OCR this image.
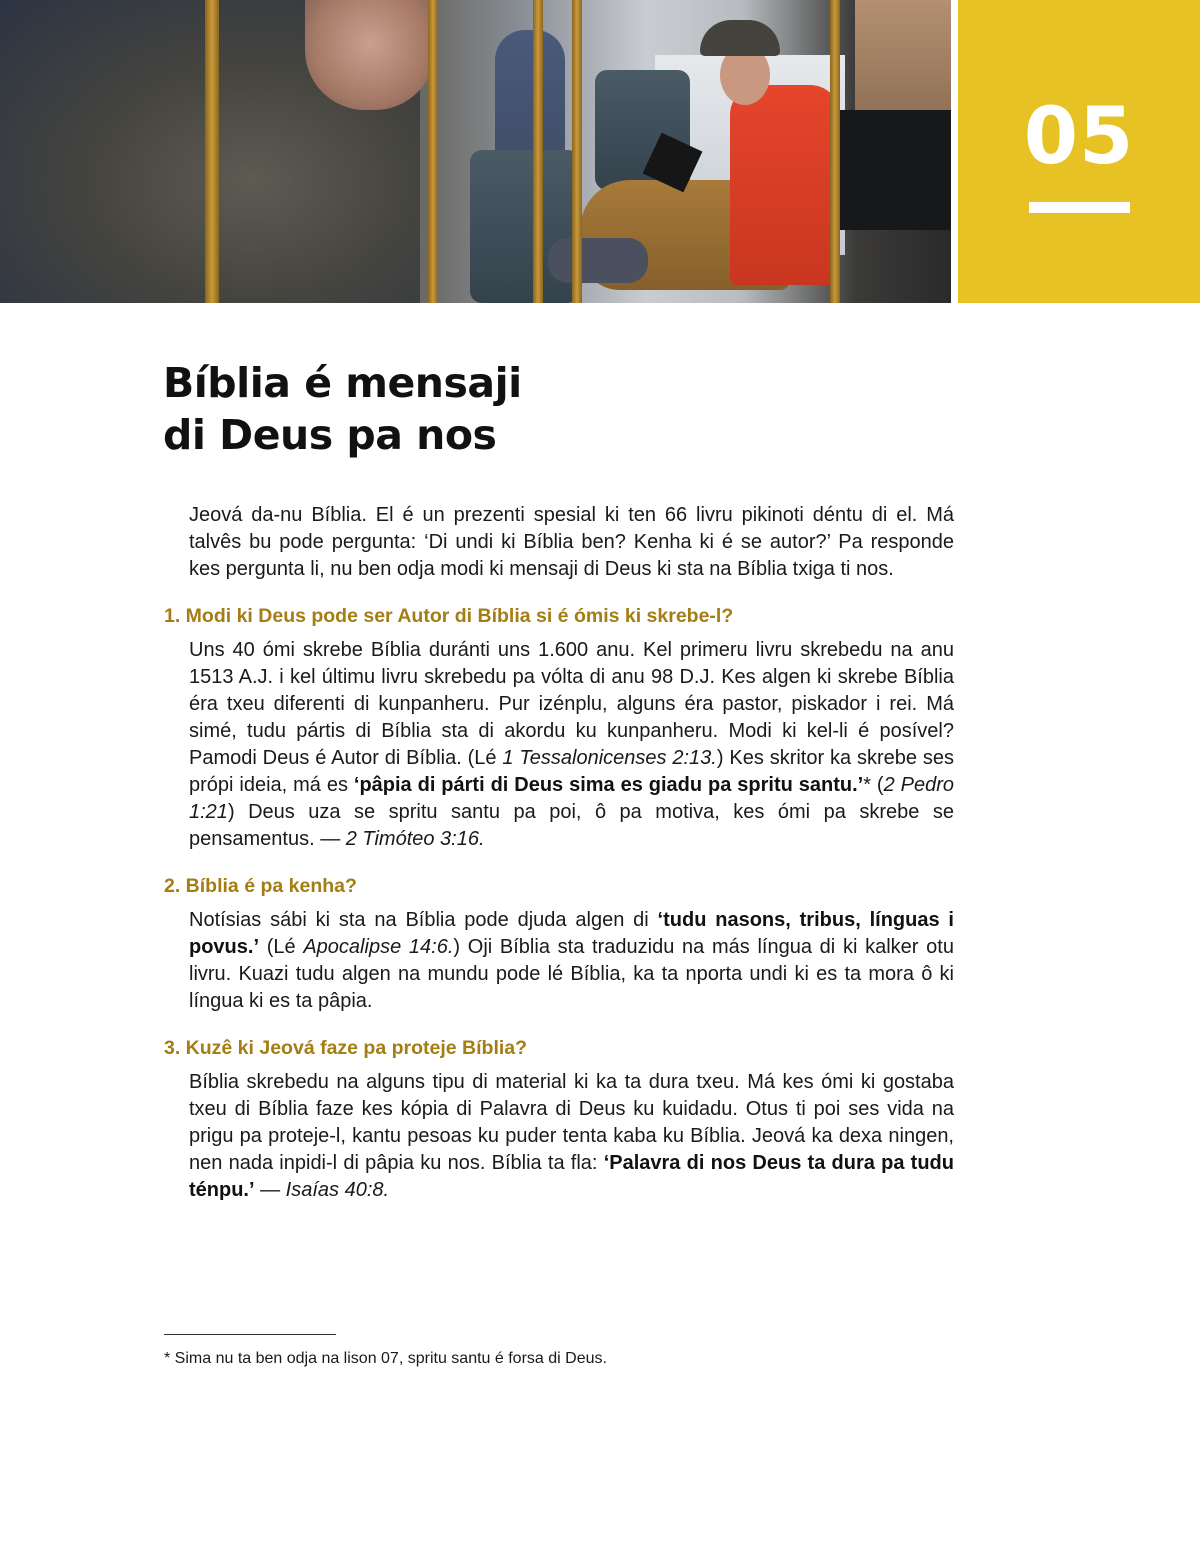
05
Bíblia é mensaji
di Deus pa nos

Jeová da-nu Bíblia. El é un prezenti spesial ki ten 66 livru pikinoti déntu di el. Má talvês bu pode pergunta: ‘Di undi ki Bíblia ben? Kenha ki é se autor?’ Pa responde kes pergunta li, nu ben odja modi ki mensaji di Deus ki sta na Bíblia txiga ti nos.

1. Modi ki Deus pode ser Autor di Bíblia si é ómis ki skrebe-l?

Uns 40 ómi skrebe Bíblia duránti uns 1.600 anu. Kel primeru livru skrebedu na anu 1513 A.J. i kel últimu livru skrebedu pa vólta di anu 98 D.J. Kes algen ki skrebe Bíblia éra txeu diferenti di kunpanheru. Pur izénplu, alguns éra pastor, piskador i rei. Má simé, tudu pártis di Bíblia sta di akordu ku kunpanheru. Modi ki kel-li é posível? Pamodi Deus é Autor di Bíblia. (Lé 1 Tessalonicenses 2:13.) Kes skritor ka skrebe ses própi ideia, má es ‘pâpia di párti di Deus sima es giadu pa spritu santu.’* (2 Pedro 1:21) Deus uza se spritu santu pa poi, ô pa motiva, kes ómi pa skrebe se pensamentus. — 2 Timóteo 3:16.

2. Bíblia é pa kenha?

Notísias sábi ki sta na Bíblia pode djuda algen di ‘tudu nasons, tribus, línguas i povus.’ (Lé Apocalipse 14:6.) Oji Bíblia sta traduzidu na más língua di ki kalker otu livru. Kuazi tudu algen na mundu pode lé Bíblia, ka ta nporta undi ki es ta mora ô ki língua ki es ta pâpia.

3. Kuzê ki Jeová faze pa proteje Bíblia?

Bíblia skrebedu na alguns tipu di material ki ka ta dura txeu. Má kes ómi ki gostaba txeu di Bíblia faze kes kópia di Palavra di Deus ku kuidadu. Otus ti poi ses vida na prigu pa proteje-l, kantu pesoas ku puder tenta kaba ku Bíblia. Jeová ka dexa ningen, nen nada inpidi-l di pâpia ku nos. Bíblia ta fla: ‘Palavra di nos Deus ta dura pa tudu ténpu.’ — Isaías 40:8.

* Sima nu ta ben odja na lison 07, spritu santu é forsa di Deus.
